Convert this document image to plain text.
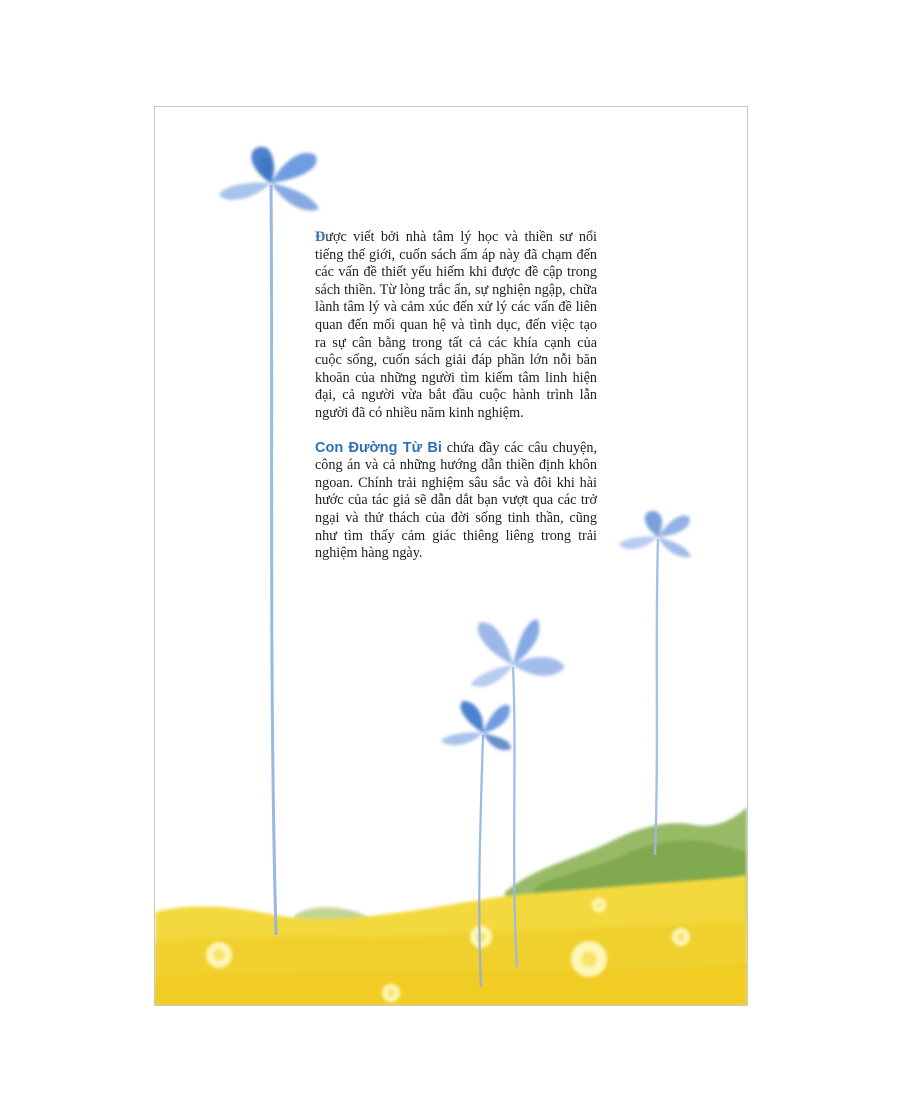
Được viết bởi nhà tâm lý học và thiền sư nổi tiếng thế giới, cuốn sách ấm áp này đã chạm đến các vấn đề thiết yếu hiếm khi được đề cập trong sách thiền. Từ lòng trắc ẩn, sự nghiện ngập, chữa lành tâm lý và cảm xúc đến xử lý các vấn đề liên quan đến mối quan hệ và tình dục, đến việc tạo ra sự cân bằng trong tất cả các khía cạnh của cuộc sống, cuốn sách giải đáp phần lớn nỗi băn khoăn của những người tìm kiếm tâm linh hiện đại, cả người vừa bắt đầu cuộc hành trình lẫn người đã có nhiều năm kinh nghiệm.

Con Đường Từ Bi chứa đầy các câu chuyện, công án và cả những hướng dẫn thiền định khôn ngoan. Chính trải nghiệm sâu sắc và đôi khi hài hước của tác giả sẽ dẫn dắt bạn vượt qua các trở ngại và thử thách của đời sống tinh thần, cũng như tìm thấy cảm giác thiêng liêng trong trải nghiệm hàng ngày.
